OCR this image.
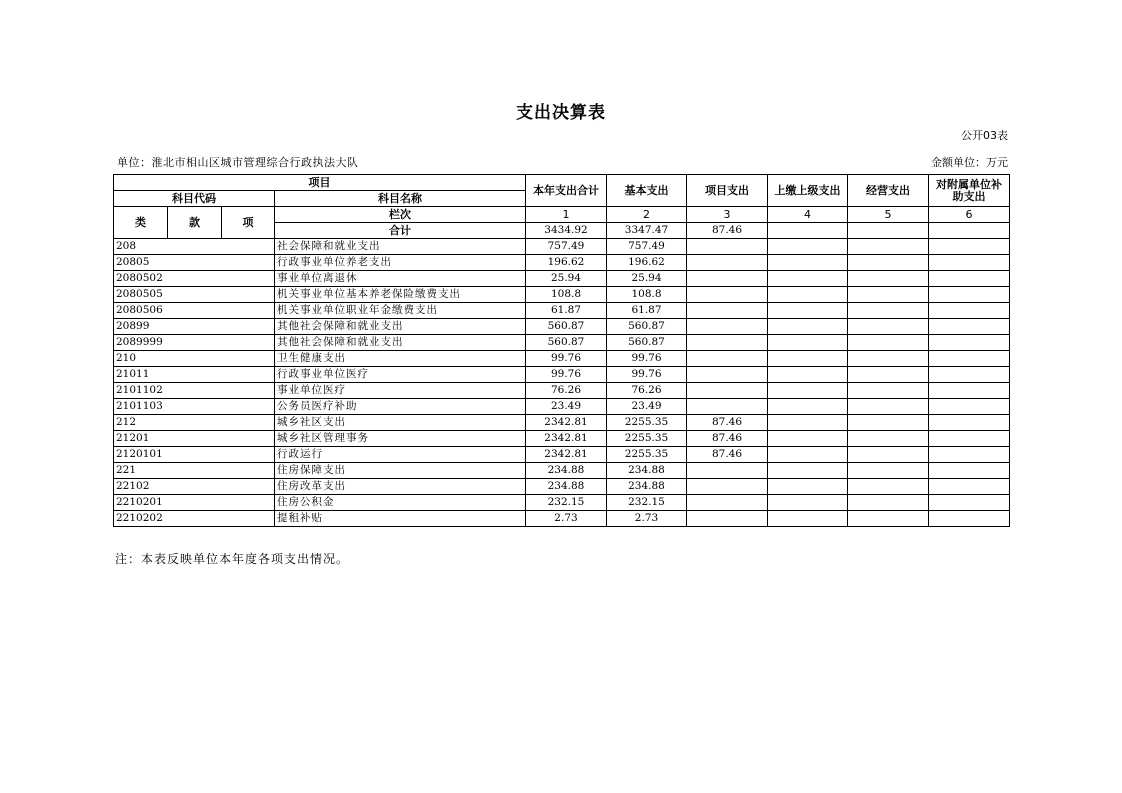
支出决算表
公开03表
单位：淮北市相山区城市管理综合行政执法大队	金额单位：万元
项目				本年支出合计	基本支出	项目支出	上缴上级支出	经营支出	对附属单位补助支出
科目代码			科目名称						
类	款	项	栏次	1	2	3	4	5	6
			合计	3434.92	3347.47	87.46			
208			社会保障和就业支出	757.49	757.49				
20805			行政事业单位养老支出	196.62	196.62				
2080502			事业单位离退休	25.94	25.94				
2080505			机关事业单位基本养老保险缴费支出	108.8	108.8				
2080506			机关事业单位职业年金缴费支出	61.87	61.87				
20899			其他社会保障和就业支出	560.87	560.87				
2089999			其他社会保障和就业支出	560.87	560.87				
210			卫生健康支出	99.76	99.76				
21011			行政事业单位医疗	99.76	99.76				
2101102			事业单位医疗	76.26	76.26				
2101103			公务员医疗补助	23.49	23.49				
212			城乡社区支出	2342.81	2255.35	87.46			
21201			城乡社区管理事务	2342.81	2255.35	87.46			
2120101			行政运行	2342.81	2255.35	87.46			
221			住房保障支出	234.88	234.88				
22102			住房改革支出	234.88	234.88				
2210201			住房公积金	232.15	232.15				
2210202			提租补贴	2.73	2.73				
注：本表反映单位本年度各项支出情况。
